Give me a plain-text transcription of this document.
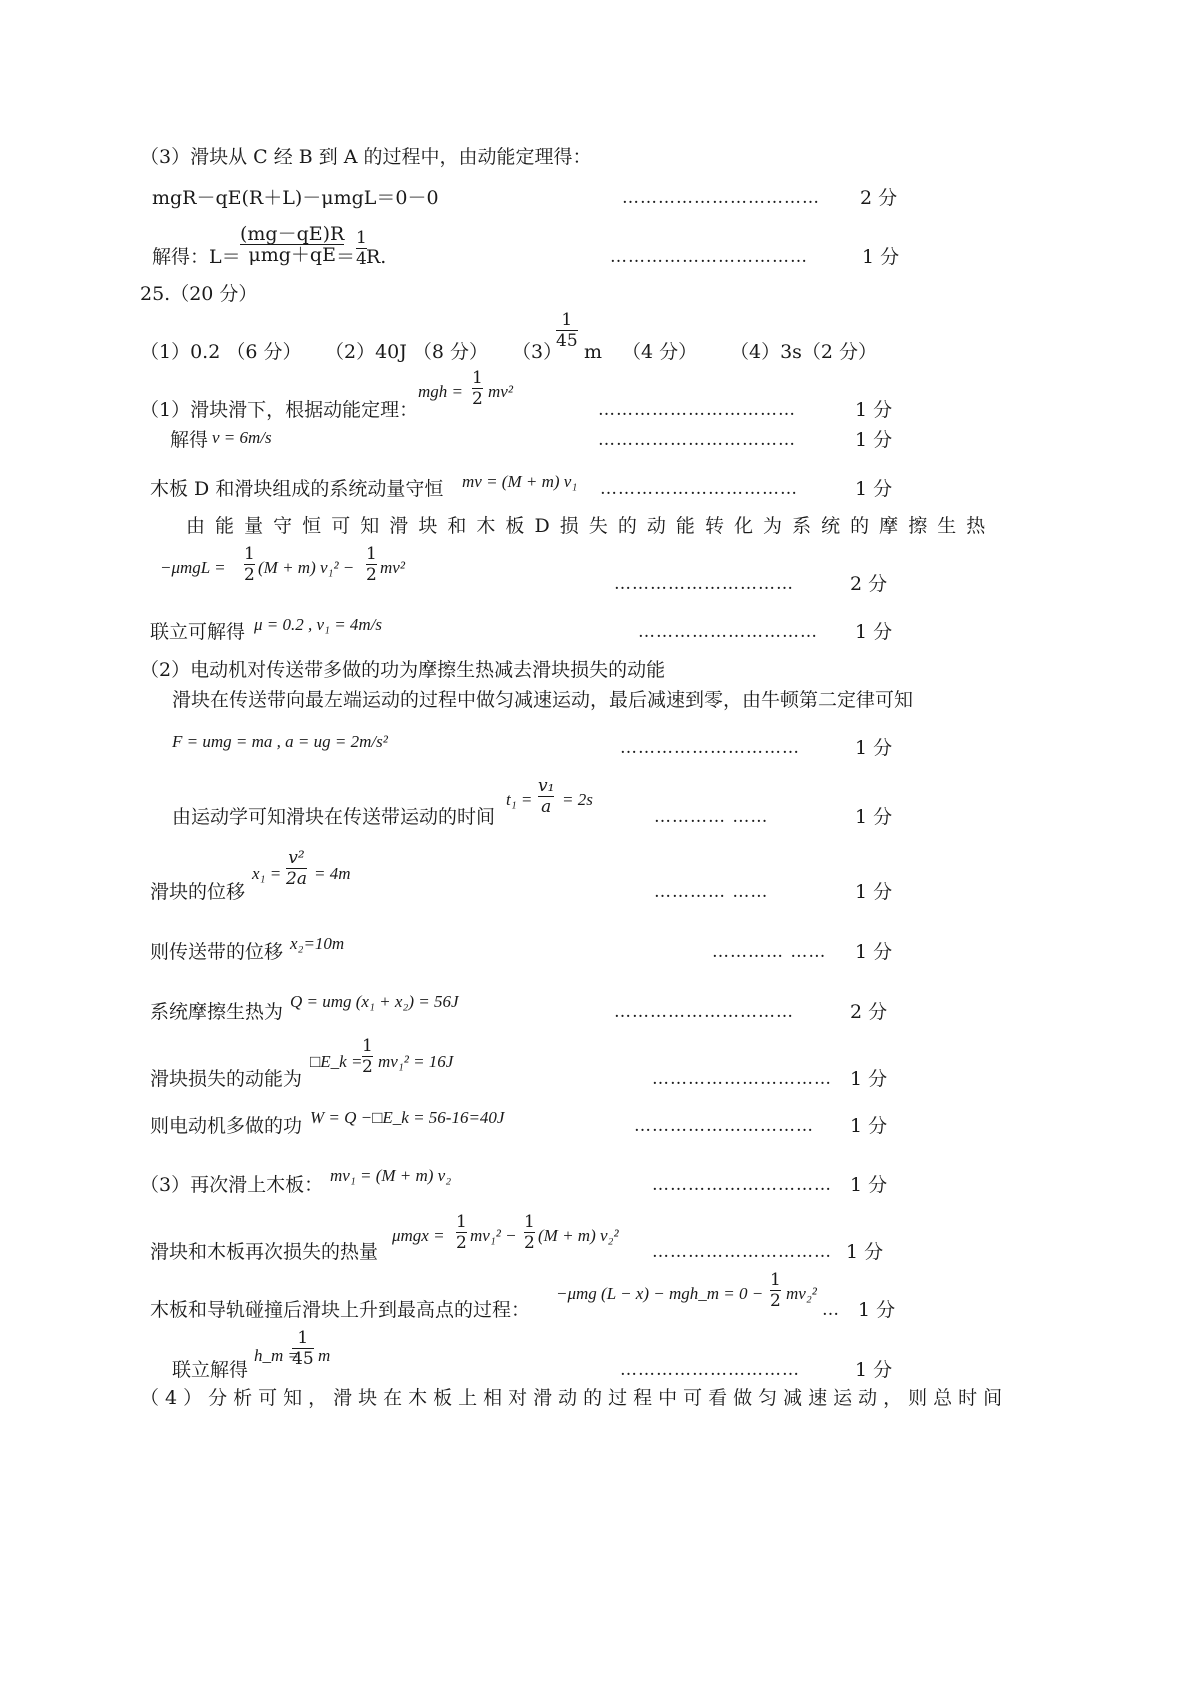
（3）滑块从 C 经 B 到 A 的过程中，由动能定理得：
mgR－qE(R＋L)－μmgL＝0－0	…………………………… 2 分
解得：L＝
(mg－qE)R
μmg＋qE ＝
1
4 R.	……………………………	1 分
25.（20 分）
（1）0.2 （6 分） （2）40J （8 分） （3）
1
45 m （4 分） （4）3s（2 分）
（1）滑块滑下，根据动能定理：
mgh =
1
2 mv²
……………………………	1 分
解得 v = 6m/s	……………………………	1 分
木板 D 和滑块组成的系统动量守恒 mv = (M + m) v₁ ……………………………	1 分
由 能 量 守 恒 可 知 滑 块 和 木 板 D 损 失 的 动 能 转 化 为 系 统 的 摩 擦 生 热
−μmgL =
1
2 (M + m) v₁² −
1
2 mv²
…………………………	2 分
联立可解得 μ = 0.2 , v₁ = 4m/s	………………………… 1 分
（2）电动机对传送带多做的功为摩擦生热减去滑块损失的动能
滑块在传送带向最左端运动的过程中做匀减速运动，最后减速到零，由牛顿第二定律可知
F = umg = ma , a = ug = 2m/s²	…………………………	1 分
由运动学可知滑块在传送带运动的时间
t₁ =
v₁
a = 2s
………… ……	1 分
滑块的位移
x₁ =
v²
2a = 4m
………… ……	1 分
则传送带的位移 x₂=10m	………… …… 1 分
系统摩擦生热为 Q = umg (x₁ + x₂) = 56J
…………………………	2 分
滑块损失的动能为
□E_k =
1
2 mv₁² = 16J
………………………… 1 分
则电动机多做的功 W = Q −□E_k = 56-16=40J	………………………… 1 分
（3）再次滑上木板： mv₁ = (M + m) v₂	………………………… 1 分
滑块和木板再次损失的热量
μmgx =
1
2 mv₁² −
1
2 (M + m) v₂²
………………………… 1 分
木板和导轨碰撞后滑块上升到最高点的过程：
−μmg (L − x) − mgh_m = 0 −
1
2 mv₂²
… 1 分
联立解得
h_m =
1
45 m
…………………………	1 分
（4）分析可知，滑块在木板上相对滑动的过程中可看做匀减速运动，则总时间
